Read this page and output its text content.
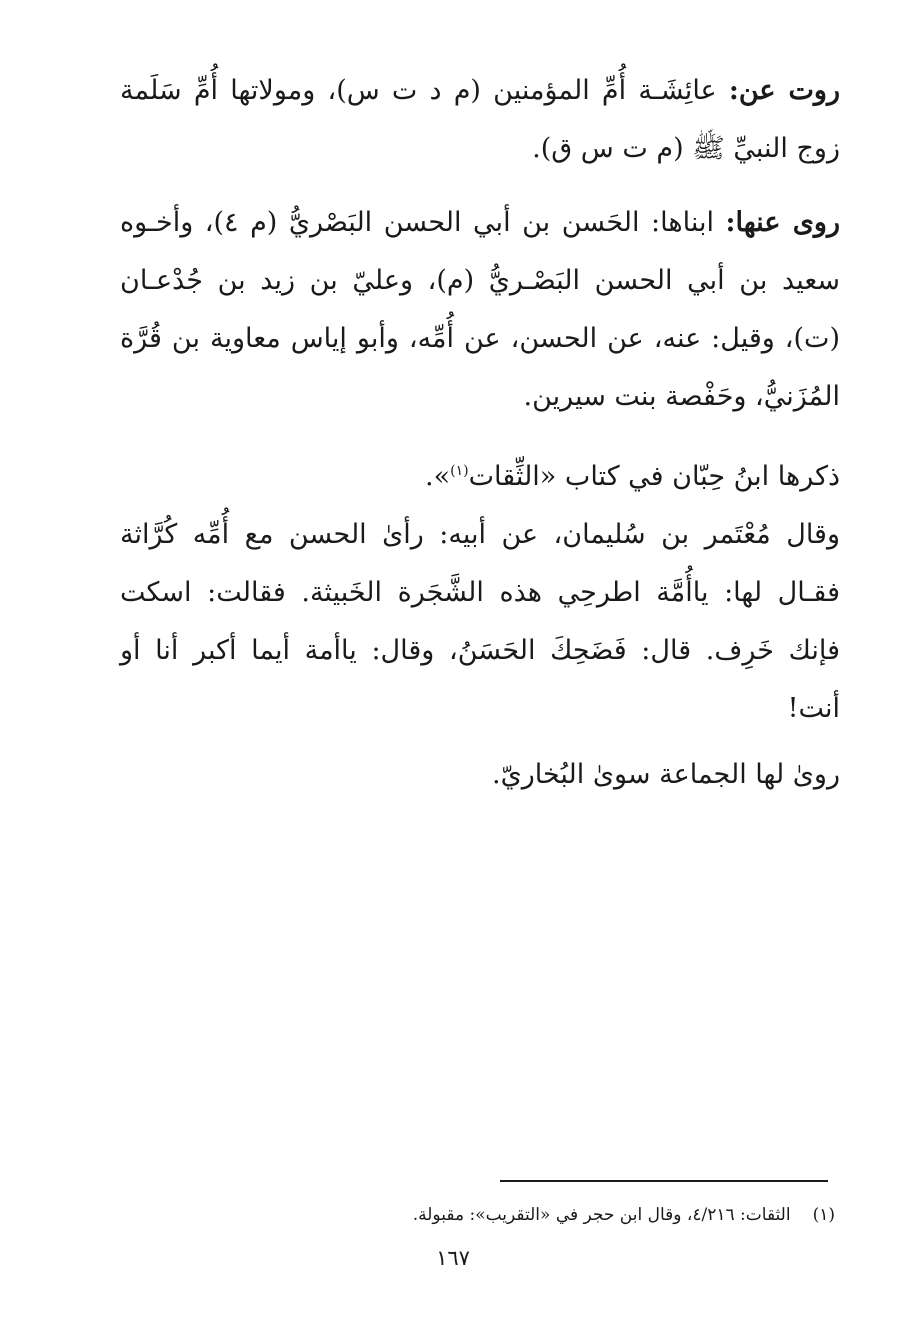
روت عن: عائِشَـة أُمِّ المؤمنين (م د ت س)، ومولاتها أُمِّ سَلَمة زوج النبيِّ ﷺ (م ت س ق).

روى عنها: ابناها: الحَسن بن أبي الحسن البَصْريُّ (م ٤)، وأخـوه سعيد بن أبي الحسن البَصْـريُّ (م)، وعليّ بن زيد بن جُدْعـان (ت)، وقيل: عنه، عن الحسن، عن أُمِّه، وأبو إياس معاوية بن قُرَّة المُزَنيُّ، وحَفْصة بنت سيرين.

ذكرها ابنُ حِبّان في كتاب «الثِّقات$^{(١)}$».

وقال مُعْتَمر بن سُليمان، عن أبيه: رأىٰ الحسن مع أُمِّه كُرَّاثة فقـال لها: ياأُمَّة اطرحِي هذه الشَّجَرة الخَبيثة. فقالت: اسكت فإنك خَرِف. قال: فَضَحِكَ الحَسَنُ، وقال: ياأمة أيما أكبر أنا أو أنت!

روىٰ لها الجماعة سوىٰ البُخاريّ.

(١)الثقات: ٤/٢١٦، وقال ابن حجر في «التقريب»: مقبولة.
١٦٧
